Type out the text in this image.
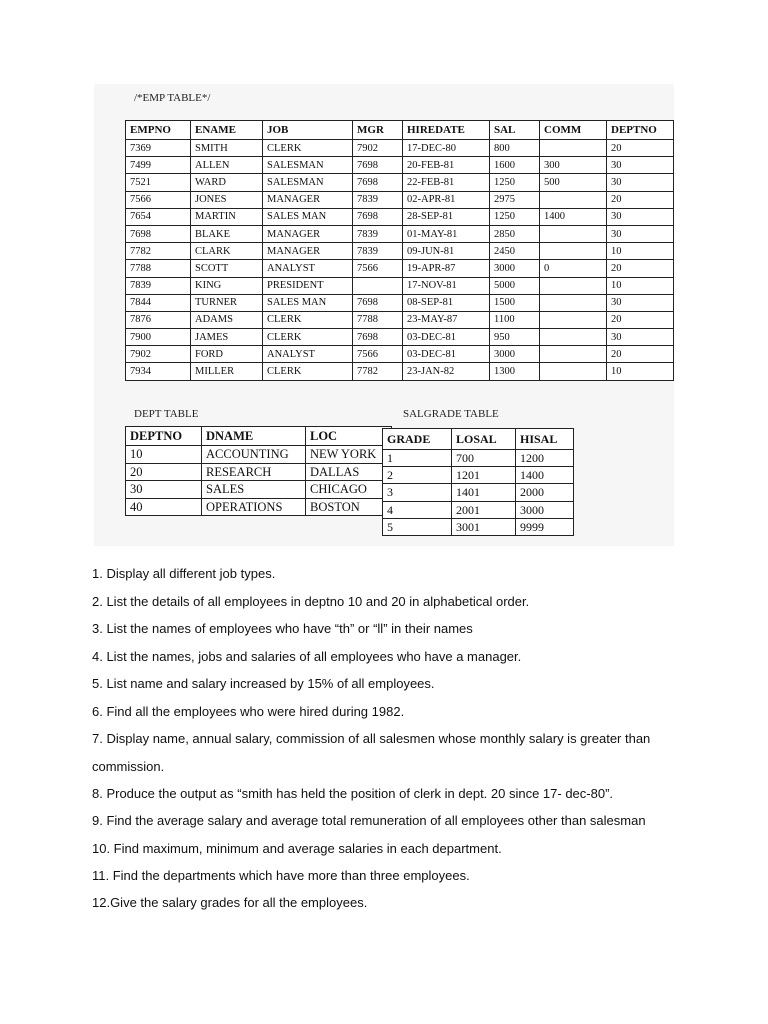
/*EMP TABLE*/
EMPNO	ENAME	JOB	MGR	HIREDATE	SAL	COMM	DEPTNO
7369	SMITH	CLERK	7902	17-DEC-80	800		20
7499	ALLEN	SALESMAN	7698	20-FEB-81	1600	300	30
7521	WARD	SALESMAN	7698	22-FEB-81	1250	500	30
7566	JONES	MANAGER	7839	02-APR-81	2975		20
7654	MARTIN	SALES MAN	7698	28-SEP-81	1250	1400	30
7698	BLAKE	MANAGER	7839	01-MAY-81	2850		30
7782	CLARK	MANAGER	7839	09-JUN-81	2450		10
7788	SCOTT	ANALYST	7566	19-APR-87	3000	0	20
7839	KING	PRESIDENT		17-NOV-81	5000		10
7844	TURNER	SALES MAN	7698	08-SEP-81	1500		30
7876	ADAMS	CLERK	7788	23-MAY-87	1100		20
7900	JAMES	CLERK	7698	03-DEC-81	950		30
7902	FORD	ANALYST	7566	03-DEC-81	3000		20
7934	MILLER	CLERK	7782	23-JAN-82	1300		10
DEPT TABLE
DEPTNO	DNAME	LOC
10	ACCOUNTING	NEW YORK
20	RESEARCH	DALLAS
30	SALES	CHICAGO
40	OPERATIONS	BOSTON
SALGRADE TABLE
GRADE	LOSAL	HISAL
1	700	1200
2	1201	1400
3	1401	2000
4	2001	3000
5	3001	9999
1. Display all different job types.
2. List the details of all employees in deptno 10 and 20 in alphabetical order.
3. List the names of employees who have “th” or “ll” in their names
4. List the names, jobs and salaries of all employees who have a manager.
5. List name and salary increased by 15% of all employees.
6. Find all the employees who were hired during 1982.
7. Display name, annual salary, commission of all salesmen whose monthly salary is greater than
commission.
8. Produce the output as “smith has held the position of clerk in dept. 20 since 17- dec-80”.
9. Find the average salary and average total remuneration of all employees other than salesman
10. Find maximum, minimum and average salaries in each department.
11. Find the departments which have more than three employees.
12.Give the salary grades for all the employees.
